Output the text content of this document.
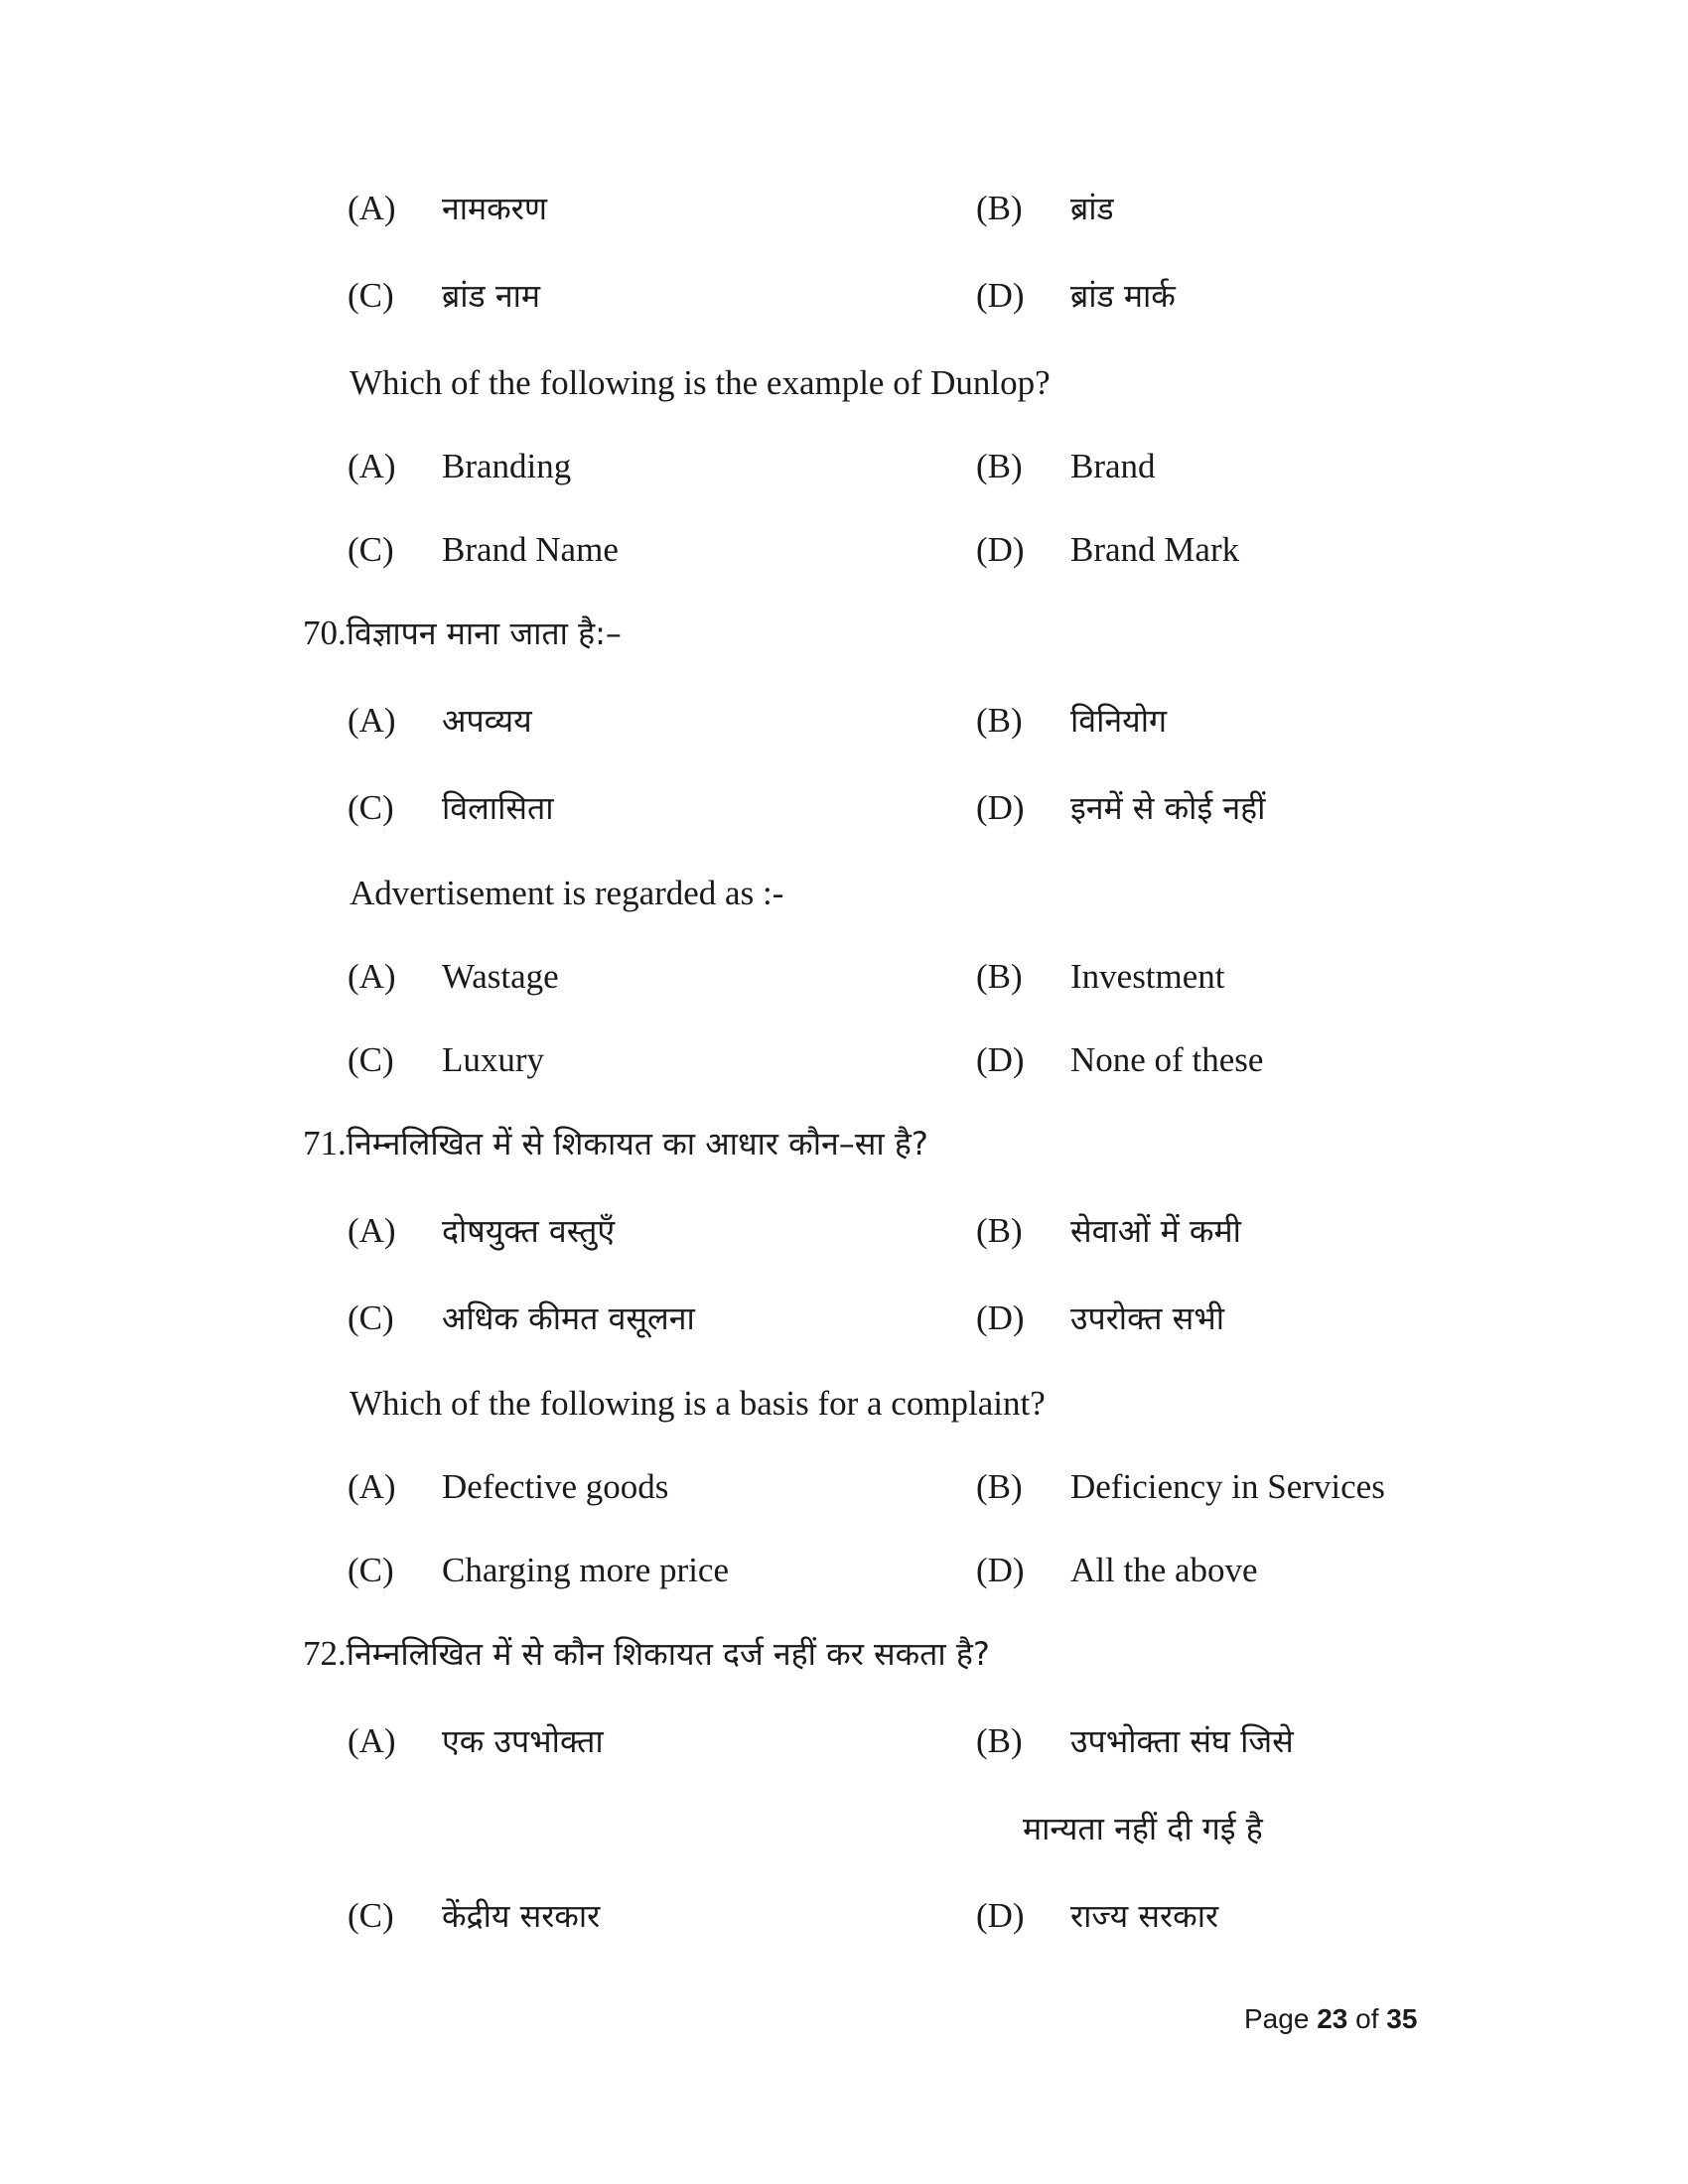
(A) नामकरण	(B) ब्रांड
(C) ब्रांड नाम	(D) ब्रांड मार्क
Which of the following is the example of Dunlop?
(A) Branding	(B) Brand
(C) Brand Name	(D) Brand Mark
70.विज्ञापन माना जाता है:–
(A) अपव्यय	(B) विनियोग
(C) विलासिता	(D) इनमें से कोई नहीं
Advertisement is regarded as :-
(A) Wastage	(B) Investment
(C) Luxury	(D) None of these
71.निम्नलिखित में से शिकायत का आधार कौन–सा है?
(A) दोषयुक्त वस्तुएँ	(B) सेवाओं में कमी
(C) अधिक कीमत वसूलना	(D) उपरोक्त सभी
Which of the following is a basis for a complaint?
(A) Defective goods	(B) Deficiency in Services
(C) Charging more price	(D) All the above
72.निम्नलिखित में से कौन शिकायत दर्ज नहीं कर सकता है?
(A) एक उपभोक्ता	(B) उपभोक्ता संघ जिसे
मान्यता नहीं दी गई है
(C) केंद्रीय सरकार	(D) राज्य सरकार
Page 23 of 35
